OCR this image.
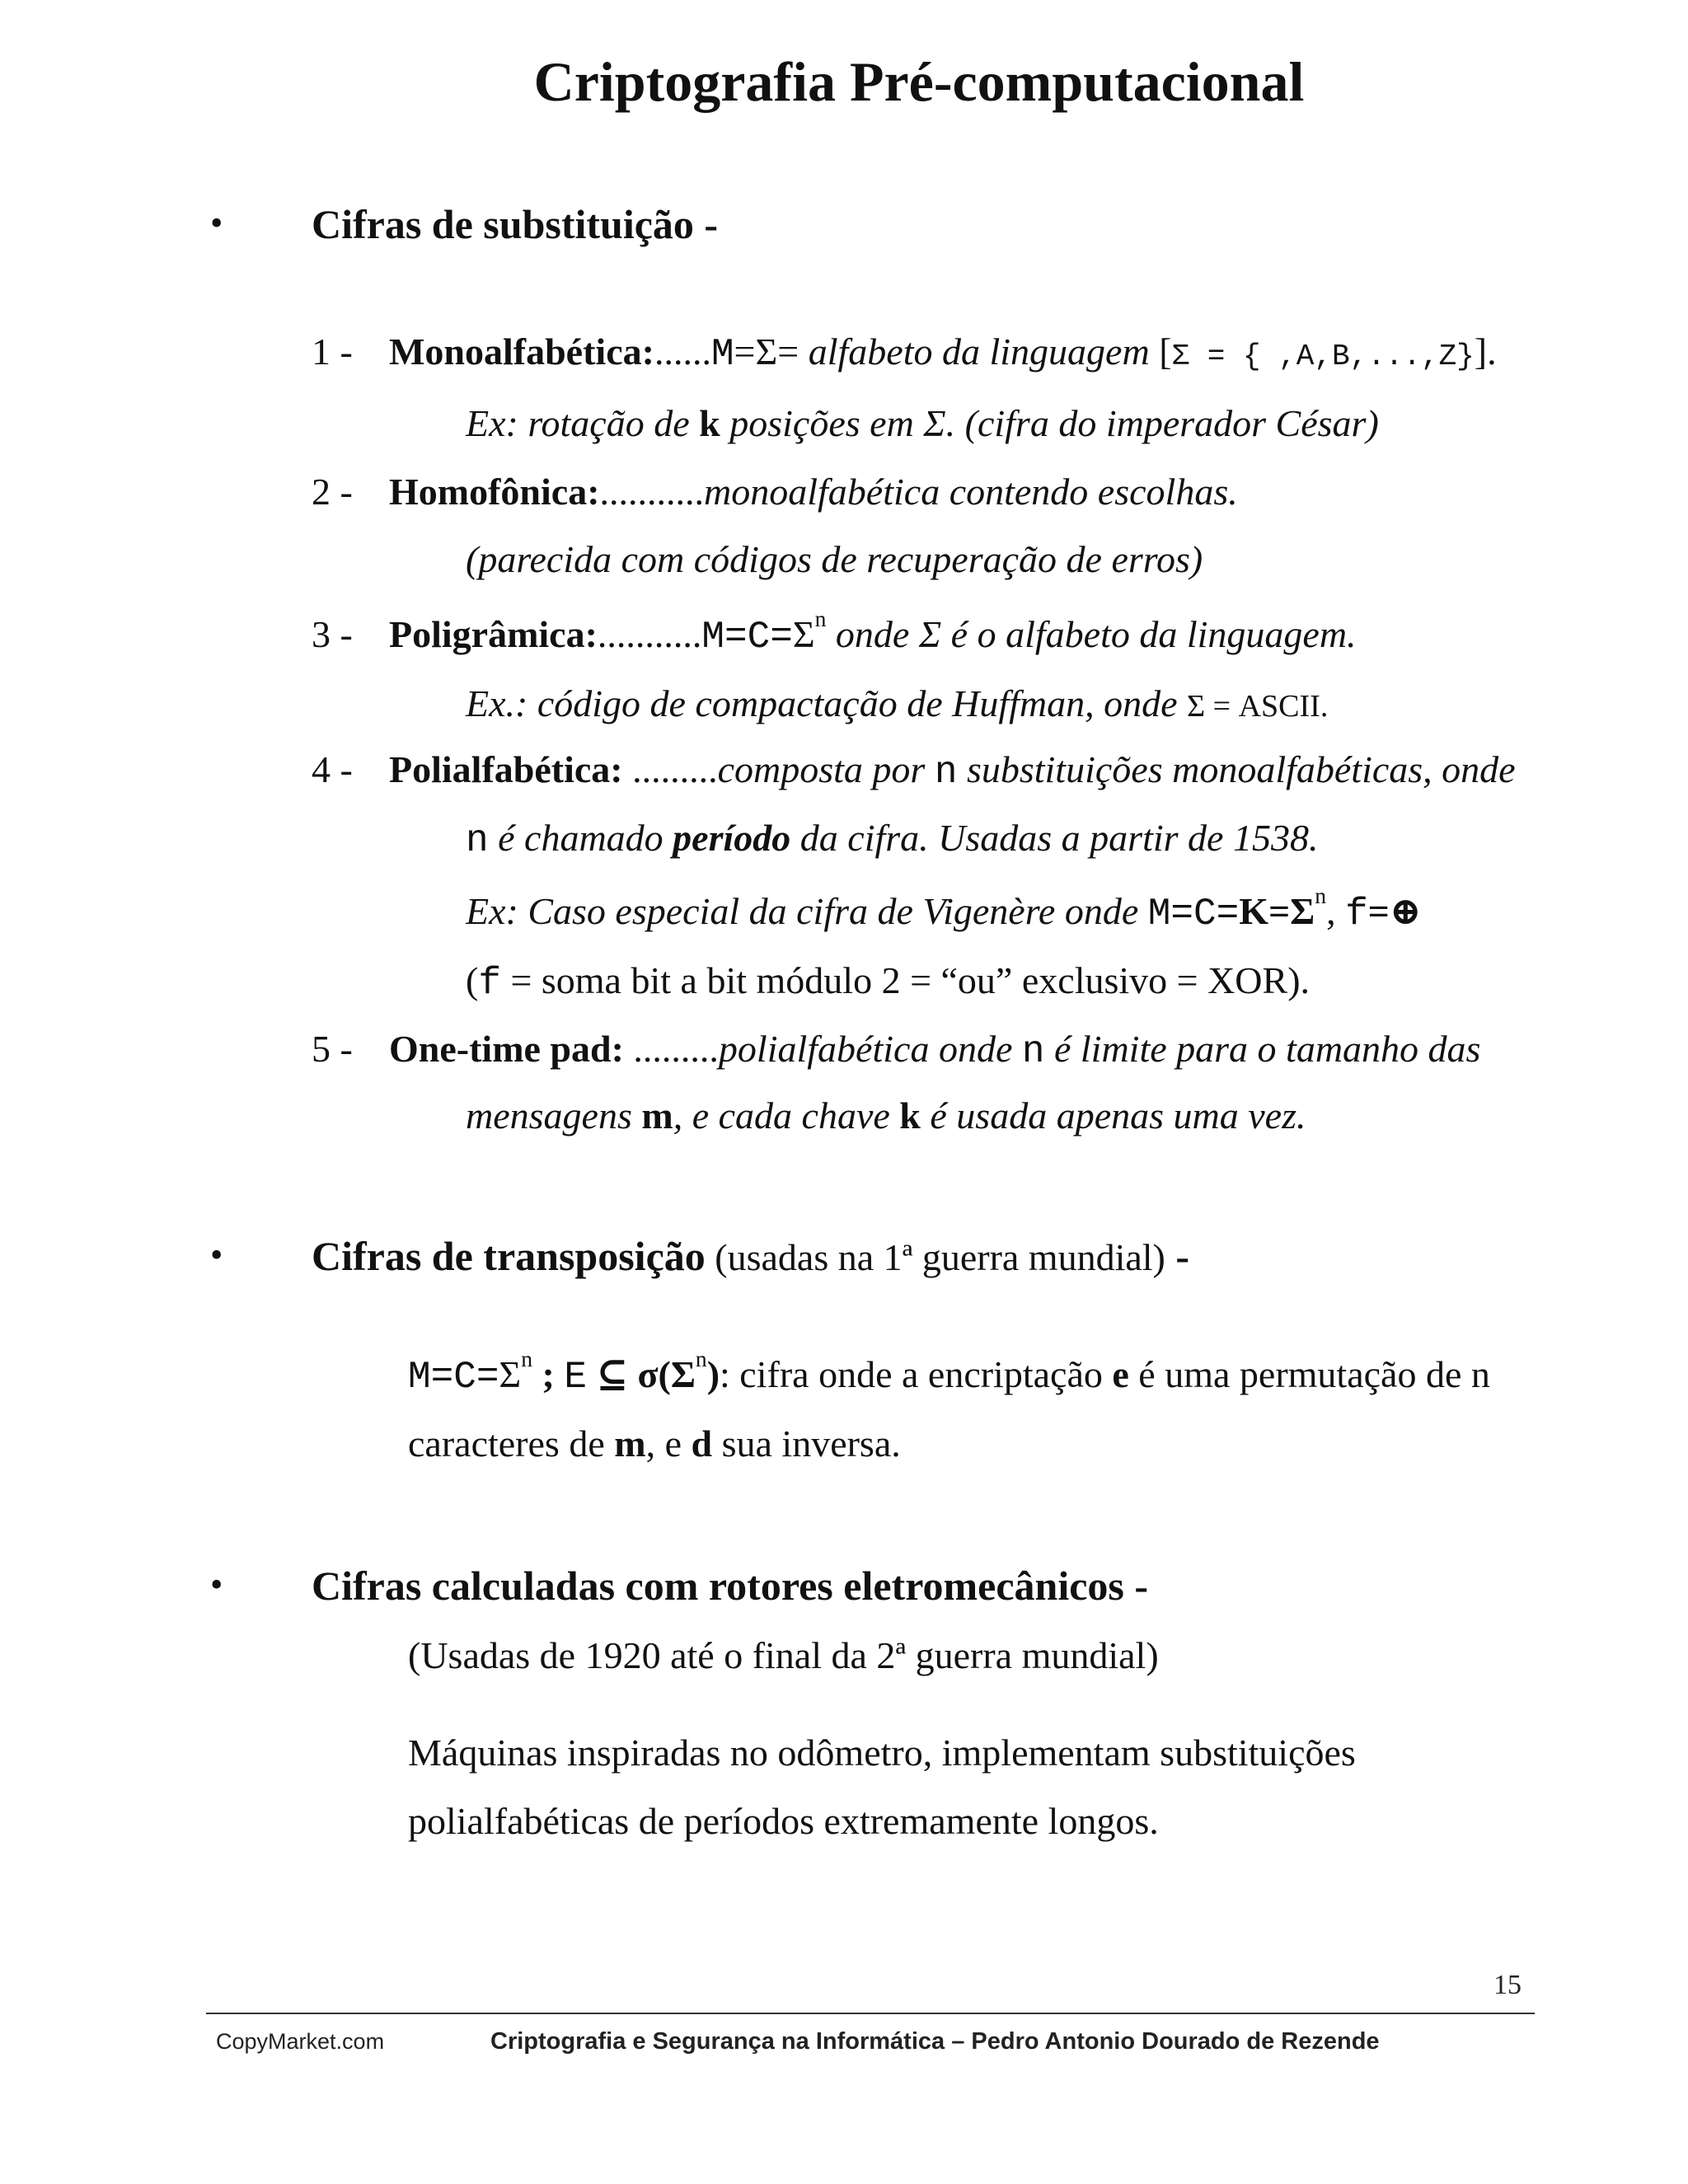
Criptografia Pré-computacional
• Cifras de substituição -
1 - Monoalfabética:......M=Σ= alfabeto da linguagem [Σ = { ,A,B,...,Z}].
Ex: rotação de k posições em Σ. (cifra do imperador César)
2 - Homofônica:...........monoalfabética contendo escolhas.
(parecida com códigos de recuperação de erros)
$3 - Poligrâmica:...........M=C=\Sigma^n$ onde Σ é o alfabeto da linguagem.
Ex.: código de compactação de Huffman, onde Σ = ASCII.
4 - Polialfabética: .........composta por n substituições monoalfabéticas, onde
n é chamado período da cifra. Usadas a partir de 1538.
Ex: Caso especial da cifra de Vigenère onde $M=C=K=\Sigma^n$, f=⊕
(f = soma bit a bit módulo 2 = “ou” exclusivo = XOR).
5 - One-time pad: .........polialfabética onde n é limite para o tamanho das
mensagens m, e cada chave k é usada apenas uma vez.
• Cifras de transposição (usadas na 1ª guerra mundial) -
$M=C=\Sigma^n$ ; E ⊆ $\sigma(\Sigma^n)$: cifra onde a encriptação e é uma permutação de n
caracteres de m, e d sua inversa.
• Cifras calculadas com rotores eletromecânicos -
(Usadas de 1920 até o final da 2ª guerra mundial)
Máquinas inspiradas no odômetro, implementam substituições
polialfabéticas de períodos extremamente longos.
15
CopyMarket.com	Criptografia e Segurança na Informática – Pedro Antonio Dourado de Rezende
